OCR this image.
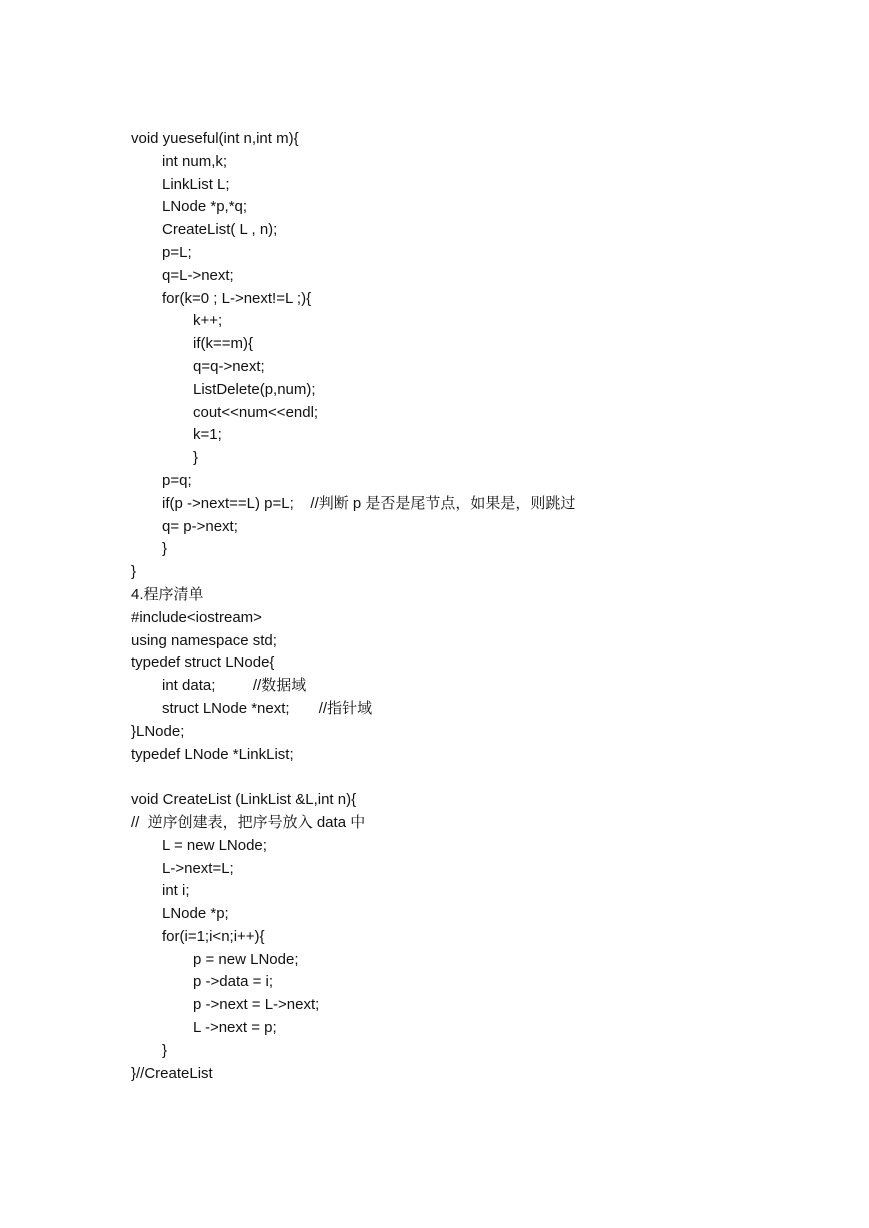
void yueseful(int n,int m){
int num,k;
LinkList L;
LNode *p,*q;
CreateList( L , n);
p=L;
q=L->next;
for(k=0 ; L->next!=L ;){
k++;
if(k==m){
q=q->next;
ListDelete(p,num);
cout<<num<<endl;
k=1;
}
p=q;
if(p ->next==L) p=L;    //判断 p 是否是尾节点，如果是，则跳过
q= p->next;
}
}
4.程序清单
#include<iostream>
using namespace std;
typedef struct LNode{
int data;         //数据域
struct LNode *next;       //指针域
}LNode;
typedef LNode *LinkList;
void CreateList (LinkList &L,int n){
//  逆序创建表，把序号放入 data 中
L = new LNode;
L->next=L;
int i;
LNode *p;
for(i=1;i<n;i++){
p = new LNode;
p ->data = i;
p ->next = L->next;
L ->next = p;
}
}//CreateList
